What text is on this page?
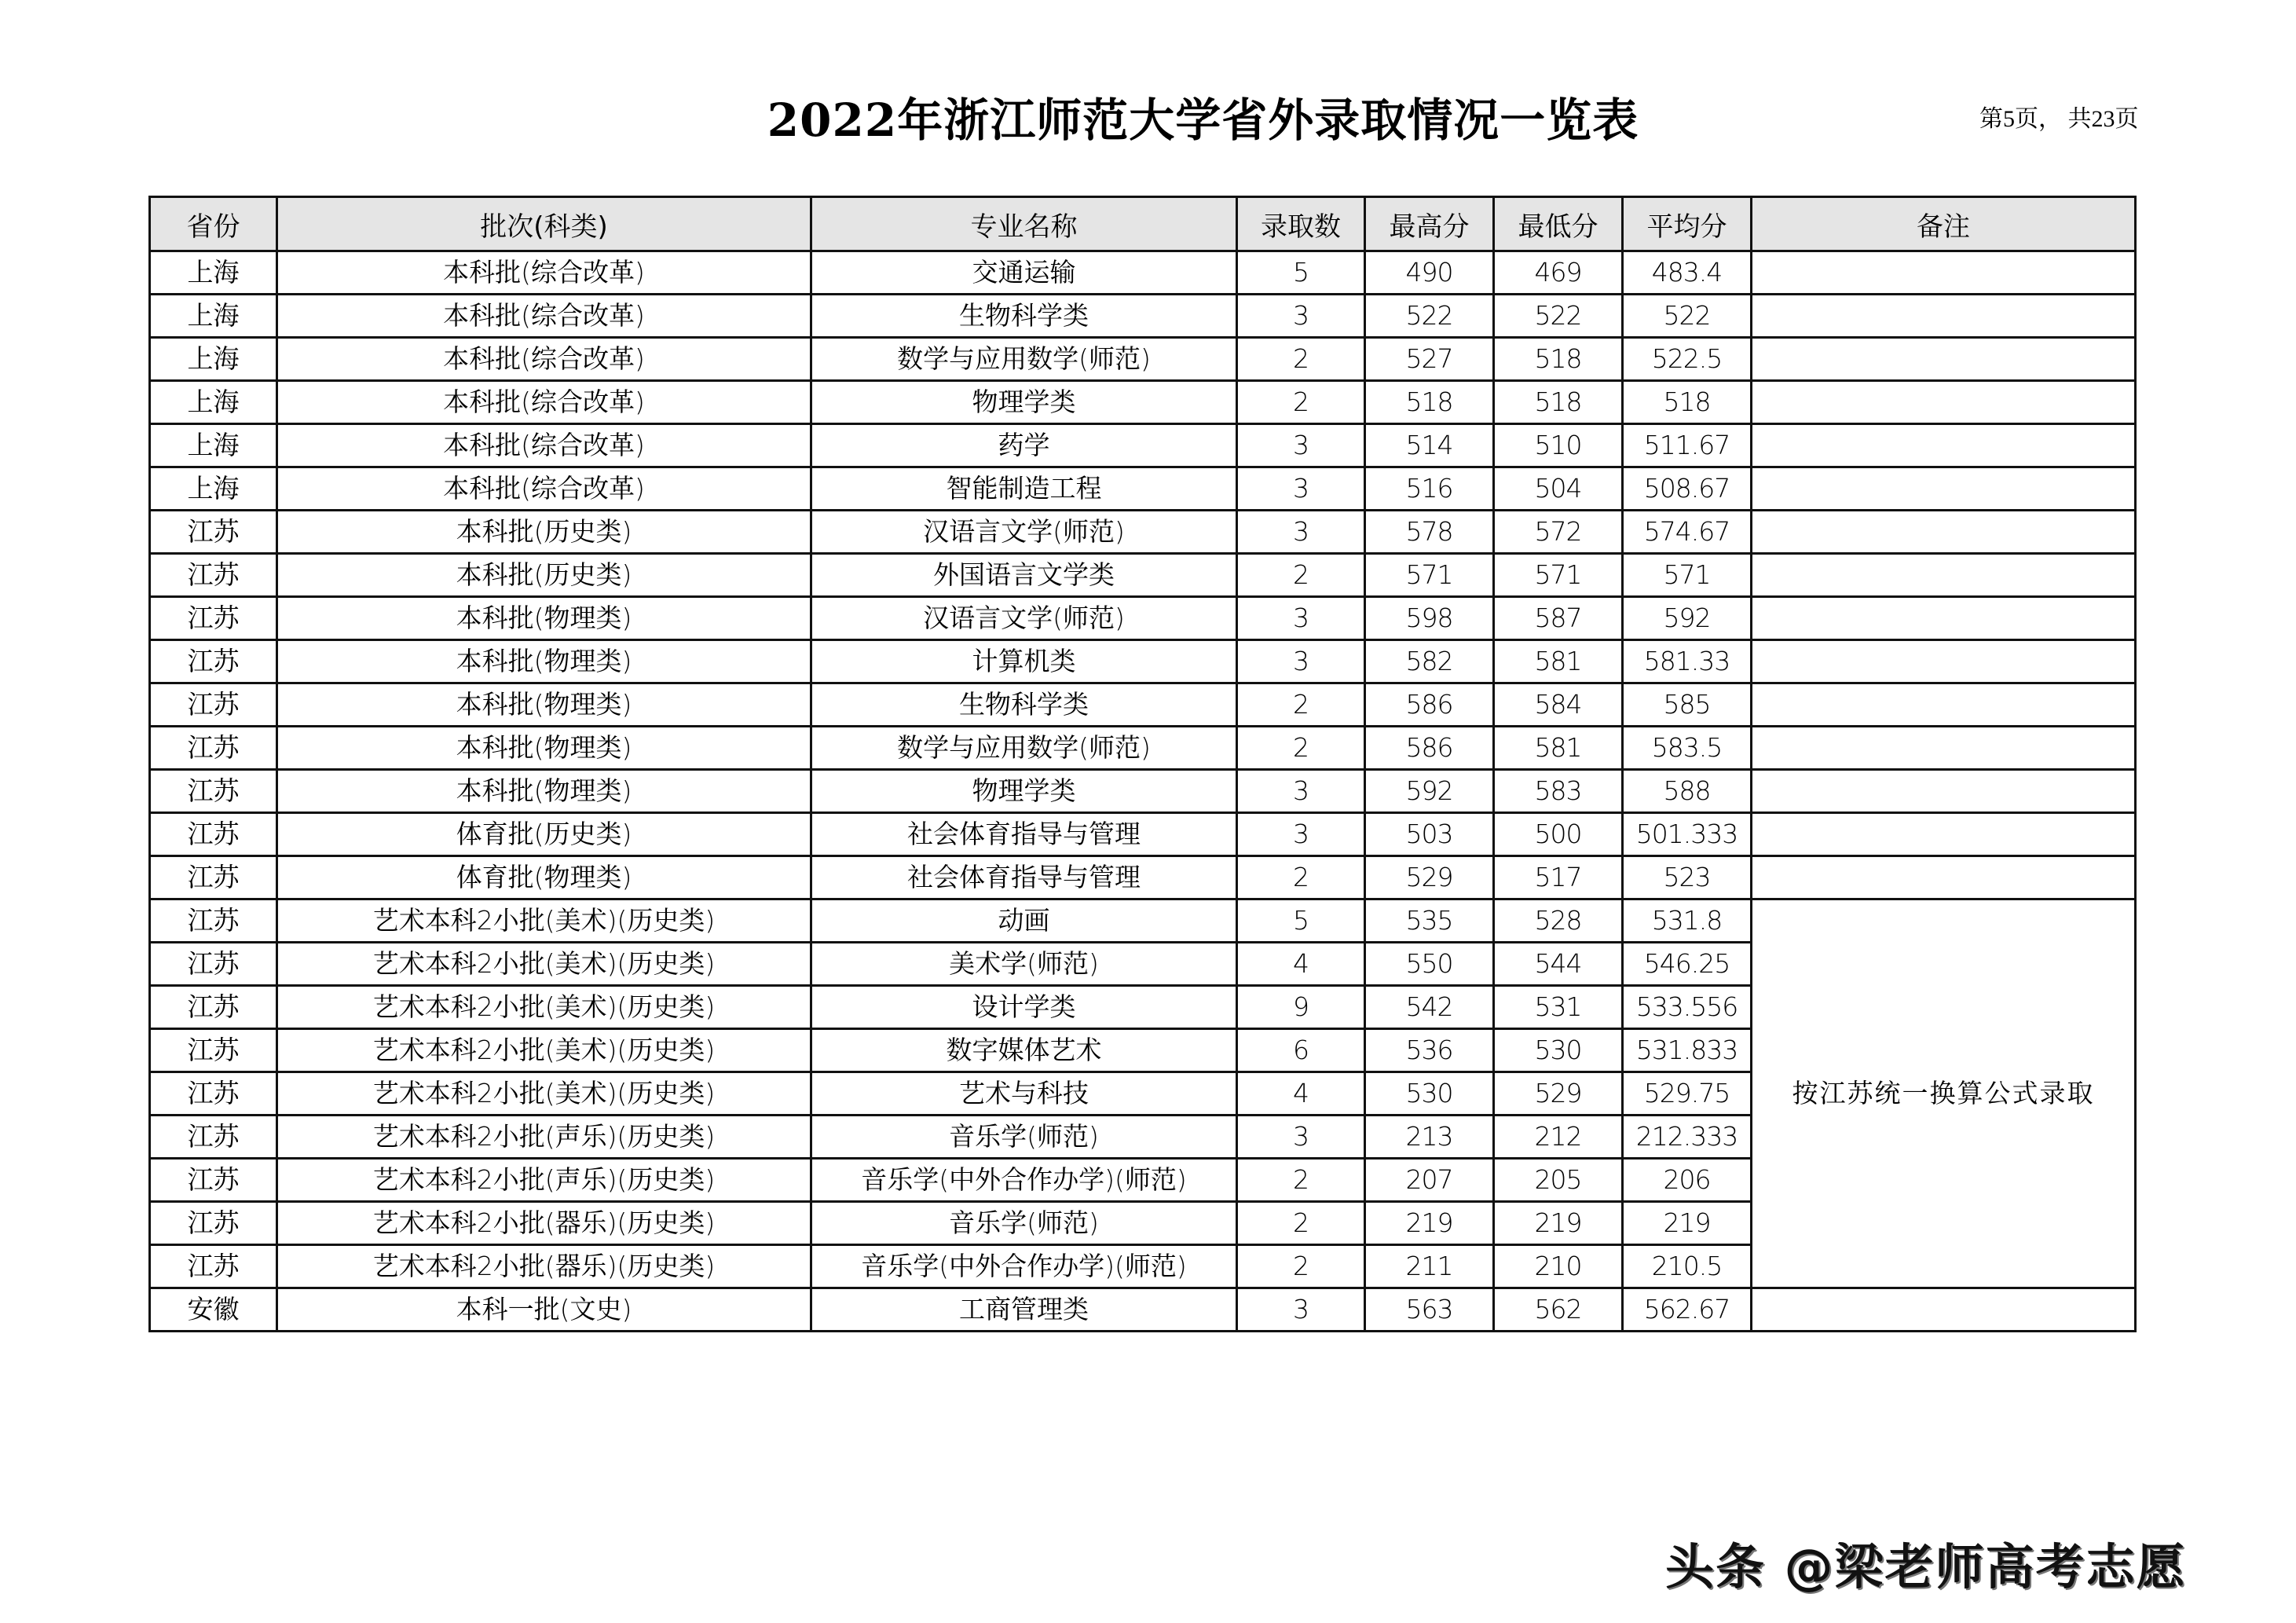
2022年浙江师范大学省外录取情况一览表	第5页， 共23页
省份	批次(科类)	专业名称	录取数	最高分	最低分	平均分	备注
上海	本科批(综合改革)	交通运输	5	490	469	483.4	
上海	本科批(综合改革)	生物科学类	3	522	522	522	
上海	本科批(综合改革)	数学与应用数学(师范)	2	527	518	522.5	
上海	本科批(综合改革)	物理学类	2	518	518	518	
上海	本科批(综合改革)	药学	3	514	510	511.67	
上海	本科批(综合改革)	智能制造工程	3	516	504	508.67	
江苏	本科批(历史类)	汉语言文学(师范)	3	578	572	574.67	
江苏	本科批(历史类)	外国语言文学类	2	571	571	571	
江苏	本科批(物理类)	汉语言文学(师范)	3	598	587	592	
江苏	本科批(物理类)	计算机类	3	582	581	581.33	
江苏	本科批(物理类)	生物科学类	2	586	584	585	
江苏	本科批(物理类)	数学与应用数学(师范)	2	586	581	583.5	
江苏	本科批(物理类)	物理学类	3	592	583	588	
江苏	体育批(历史类)	社会体育指导与管理	3	503	500	501.333	
江苏	体育批(物理类)	社会体育指导与管理	2	529	517	523	
江苏	艺术本科2小批(美术)(历史类)	动画	5	535	528	531.8	按江苏统一换算公式录取
江苏	艺术本科2小批(美术)(历史类)	美术学(师范)	4	550	544	546.25	
江苏	艺术本科2小批(美术)(历史类)	设计学类	9	542	531	533.556	
江苏	艺术本科2小批(美术)(历史类)	数字媒体艺术	6	536	530	531.833	
江苏	艺术本科2小批(美术)(历史类)	艺术与科技	4	530	529	529.75	
江苏	艺术本科2小批(声乐)(历史类)	音乐学(师范)	3	213	212	212.333	
江苏	艺术本科2小批(声乐)(历史类)	音乐学(中外合作办学)(师范)	2	207	205	206	
江苏	艺术本科2小批(器乐)(历史类)	音乐学(师范)	2	219	219	219	
江苏	艺术本科2小批(器乐)(历史类)	音乐学(中外合作办学)(师范)	2	211	210	210.5	
安徽	本科一批(文史)	工商管理类	3	563	562	562.67	
头条 @梁老师高考志愿
